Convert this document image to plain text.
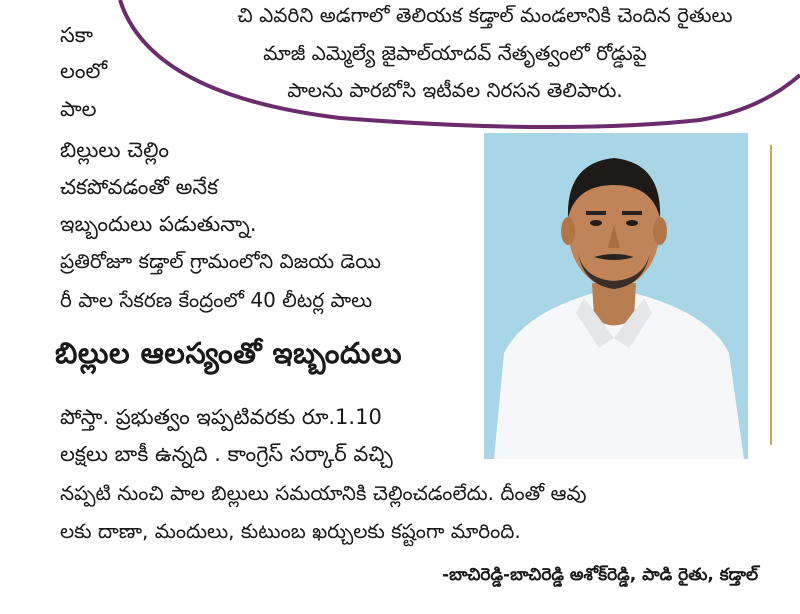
చి ఎవరిని అడగాలో తెలియక కడ్తాల్ మండలానికి చెందిన రైతులు
మాజీ ఎమ్మెల్యే జైపాల్‌యాదవ్ నేతృత్వంలో రోడ్డుపై
పాలను పారబోసి ఇటీవల నిరసన తెలిపారు.
సకా
లంలో
పాల
బిల్లులు చెల్లిం
చకపోవడంతో అనేక
ఇబ్బందులు పడుతున్నా.
ప్రతిరోజూ కడ్తాల్ గ్రామంలోని విజయ డెయి
రీ పాల సేకరణ కేంద్రంలో 40 లీటర్ల పాలు
బిల్లుల ఆలస్యంతో ఇబ్బందులు
పోస్తా. ప్రభుత్వం ఇప్పటివరకు రూ.1.10
లక్షలు బాకీ ఉన్నది . కాంగ్రెస్ సర్కార్ వచ్చి
నప్పటి నుంచి పాల బిల్లులు సమయానికి చెల్లించడంలేదు. దీంతో ఆవు
లకు దాణా, మందులు, కుటుంబ ఖర్చులకు కష్టంగా మారింది.
-బాచిరెడ్డి-బాచిరెడ్డి అశోక్‌రెడ్డి, పాడి రైతు, కడ్తాల్
